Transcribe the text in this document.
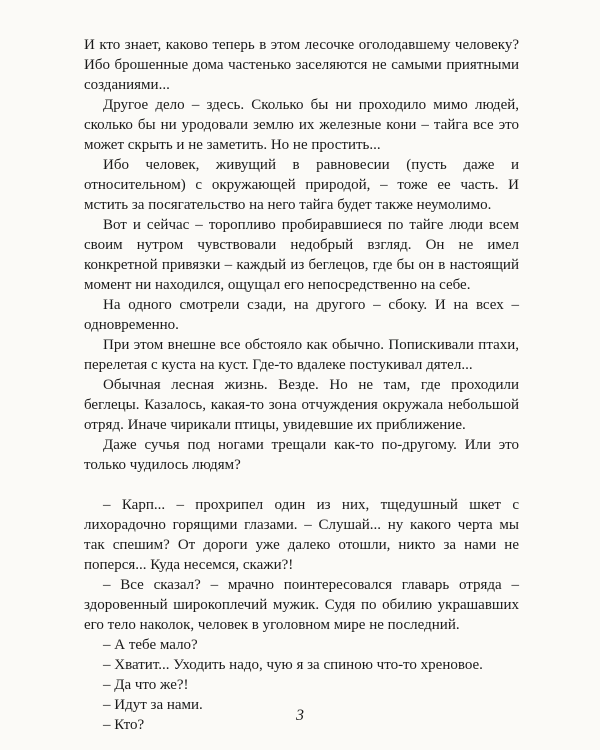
И кто знает, каково теперь в этом лесочке оголодавшему человеку? Ибо брошенные дома частенько заселяются не самыми приятными созданиями...

Другое дело – здесь. Сколько бы ни проходило мимо людей, сколько бы ни уродовали землю их железные кони – тайга все это может скрыть и не заметить. Но не простить...

Ибо человек, живущий в равновесии (пусть даже и относительном) с окружающей природой, – тоже ее часть. И мстить за посягательство на него тайга будет также неумолимо.

Вот и сейчас – торопливо пробиравшиеся по тайге люди всем своим нутром чувствовали недобрый взгляд. Он не имел конкретной привязки – каждый из беглецов, где бы он в настоящий момент ни находился, ощущал его непосредственно на себе.

На одного смотрели сзади, на другого – сбоку. И на всех – одновременно.

При этом внешне все обстояло как обычно. Попискивали птахи, перелетая с куста на куст. Где-то вдалеке постукивал дятел...

Обычная лесная жизнь. Везде. Но не там, где проходили беглецы. Казалось, какая-то зона отчуждения окружала небольшой отряд. Иначе чирикали птицы, увидевшие их приближение.

Даже сучья под ногами трещали как-то по-другому. Или это только чудилось людям?

– Карп... – прохрипел один из них, тщедушный шкет с лихорадочно горящими глазами. – Слушай... ну какого черта мы так спешим? От дороги уже далеко отошли, никто за нами не поперся... Куда несемся, скажи?!

– Все сказал? – мрачно поинтересовался главарь отряда – здоровенный широкоплечий мужик. Судя по обилию украшавших его тело наколок, человек в уголовном мире не последний.

– А тебе мало?

– Хватит... Уходить надо, чую я за спиною что-то хреновое.

– Да что же?!

– Идут за нами.

– Кто?

3
